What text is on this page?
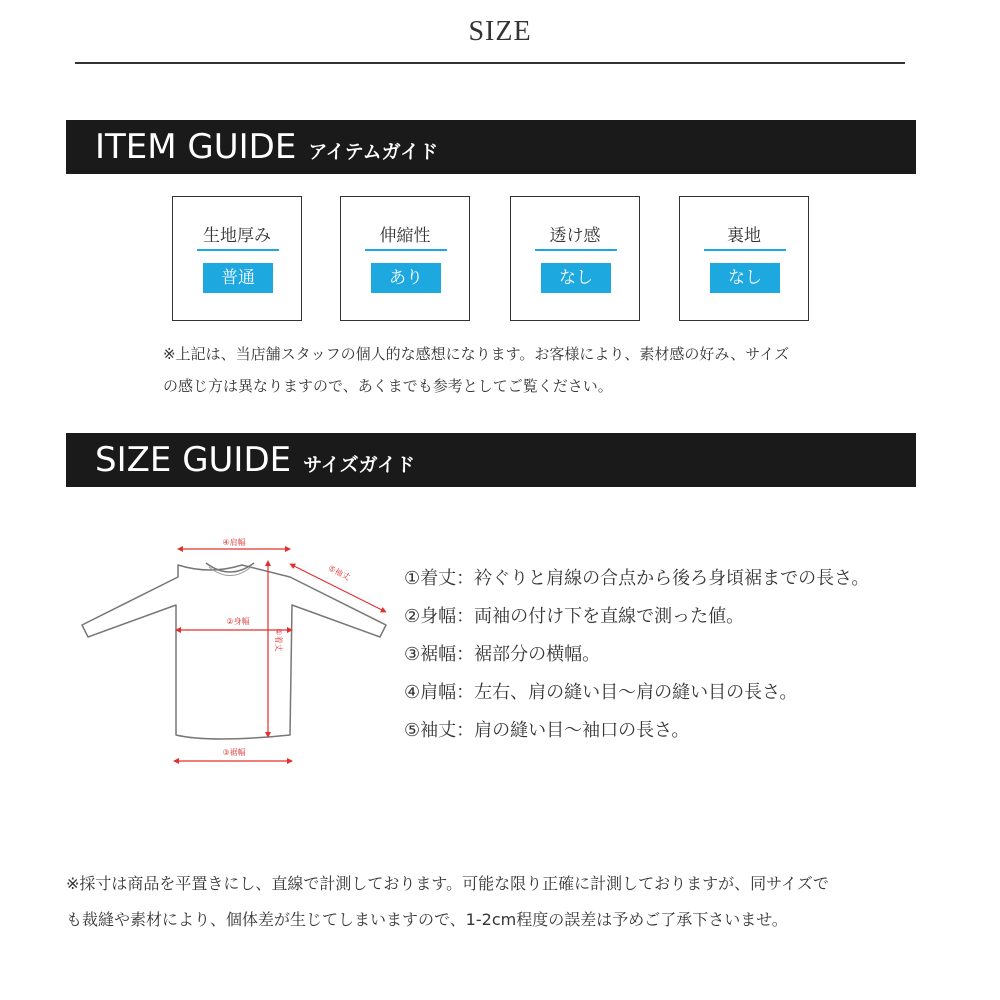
SIZE
ITEM GUIDE アイテムガイド
生地厚み
普通
伸縮性
あり
透け感
なし
裏地
なし
※上記は、当店舗スタッフの個人的な感想になります。お客様により、素材感の好み、サイズ
の感じ方は異なりますので、あくまでも参考としてご覧ください。
SIZE GUIDE サイズガイド
④肩幅
⑤袖丈
②身幅
①着丈
③裾幅
①着丈：衿ぐりと肩線の合点から後ろ身頃裾までの長さ。
②身幅：両袖の付け下を直線で測った値。
③裾幅：裾部分の横幅。
④肩幅：左右、肩の縫い目〜肩の縫い目の長さ。
⑤袖丈：肩の縫い目〜袖口の長さ。
※採寸は商品を平置きにし、直線で計測しております。可能な限り正確に計測しておりますが、同サイズで
も裁縫や素材により、個体差が生じてしまいますので、1-2cm程度の誤差は予めご了承下さいませ。
